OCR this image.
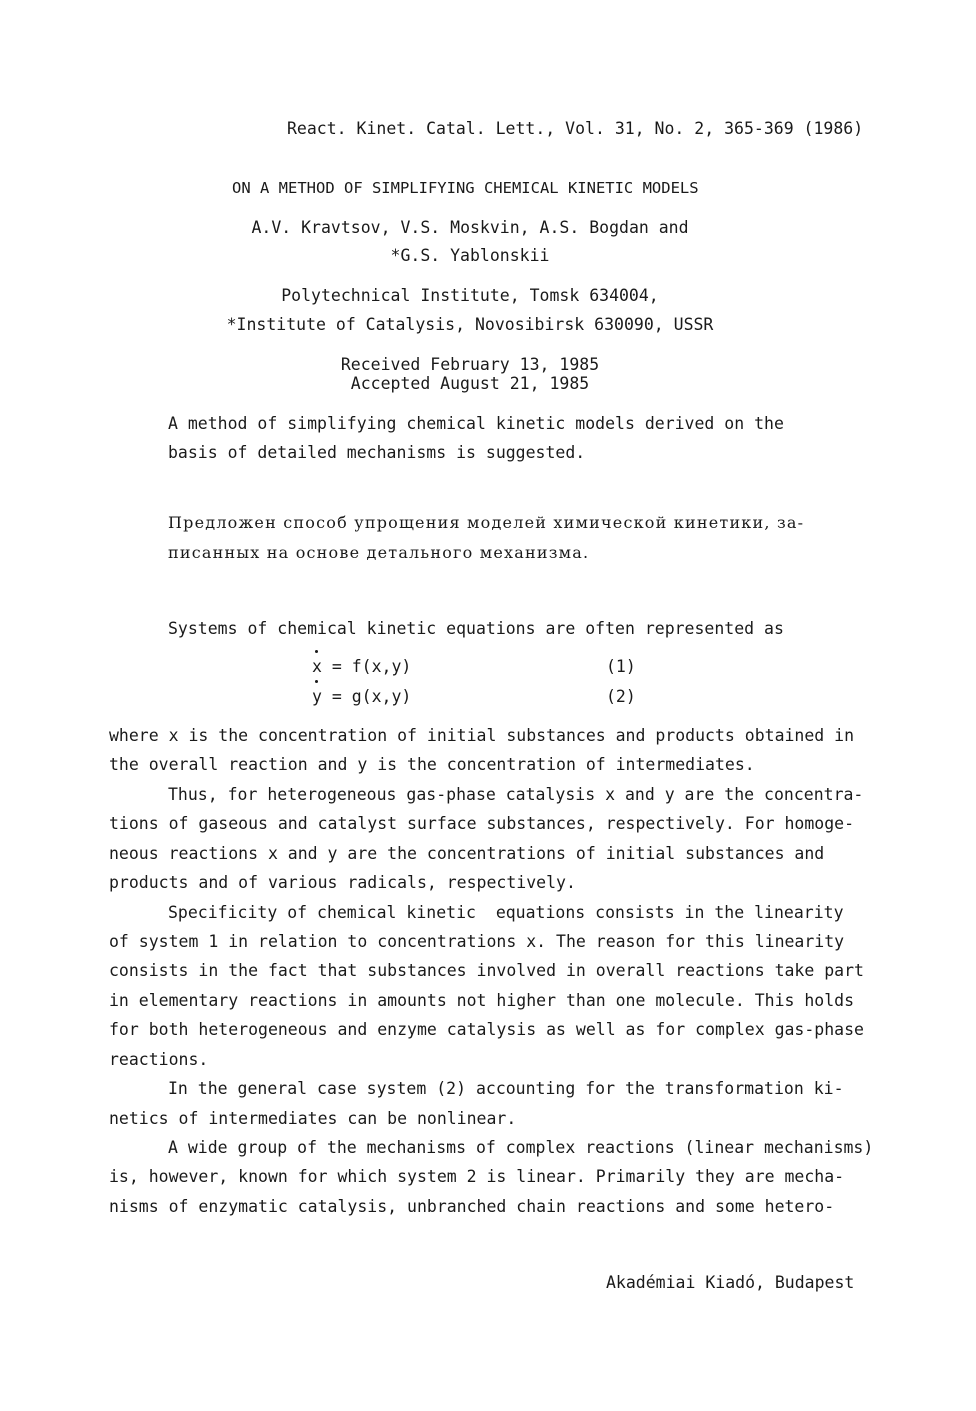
React. Kinet. Catal. Lett., Vol. 31, No. 2, 365-369 (1986)
ON A METHOD OF SIMPLIFYING CHEMICAL KINETIC MODELS
A.V. Kravtsov, V.S. Moskvin, A.S. Bogdan and
*G.S. Yablonskii
Polytechnical Institute, Tomsk 634004,
*Institute of Catalysis, Novosibirsk 630090, USSR
Received February 13, 1985
Accepted August 21, 1985
A method of simplifying chemical kinetic models derived on the
basis of detailed mechanisms is suggested.
Предложен способ упрощения моделей химической кинетики, за-
писанных на основе детального механизма.
Systems of chemical kinetic equations are often represented as
x = f(x,y)	(1)
y = g(x,y)	(2)
where x is the concentration of initial substances and products obtained in
the overall reaction and y is the concentration of intermediates.
Thus, for heterogeneous gas-phase catalysis x and y are the concentra-
tions of gaseous and catalyst surface substances, respectively. For homoge-
neous reactions x and y are the concentrations of initial substances and
products and of various radicals, respectively.
Specificity of chemical kinetic  equations consists in the linearity
of system 1 in relation to concentrations x. The reason for this linearity
consists in the fact that substances involved in overall reactions take part
in elementary reactions in amounts not higher than one molecule. This holds
for both heterogeneous and enzyme catalysis as well as for complex gas-phase
reactions.
In the general case system (2) accounting for the transformation ki-
netics of intermediates can be nonlinear.
A wide group of the mechanisms of complex reactions (linear mechanisms)
is, however, known for which system 2 is linear. Primarily they are mecha-
nisms of enzymatic catalysis, unbranched chain reactions and some hetero-
Akadémiai Kiadó, Budapest
